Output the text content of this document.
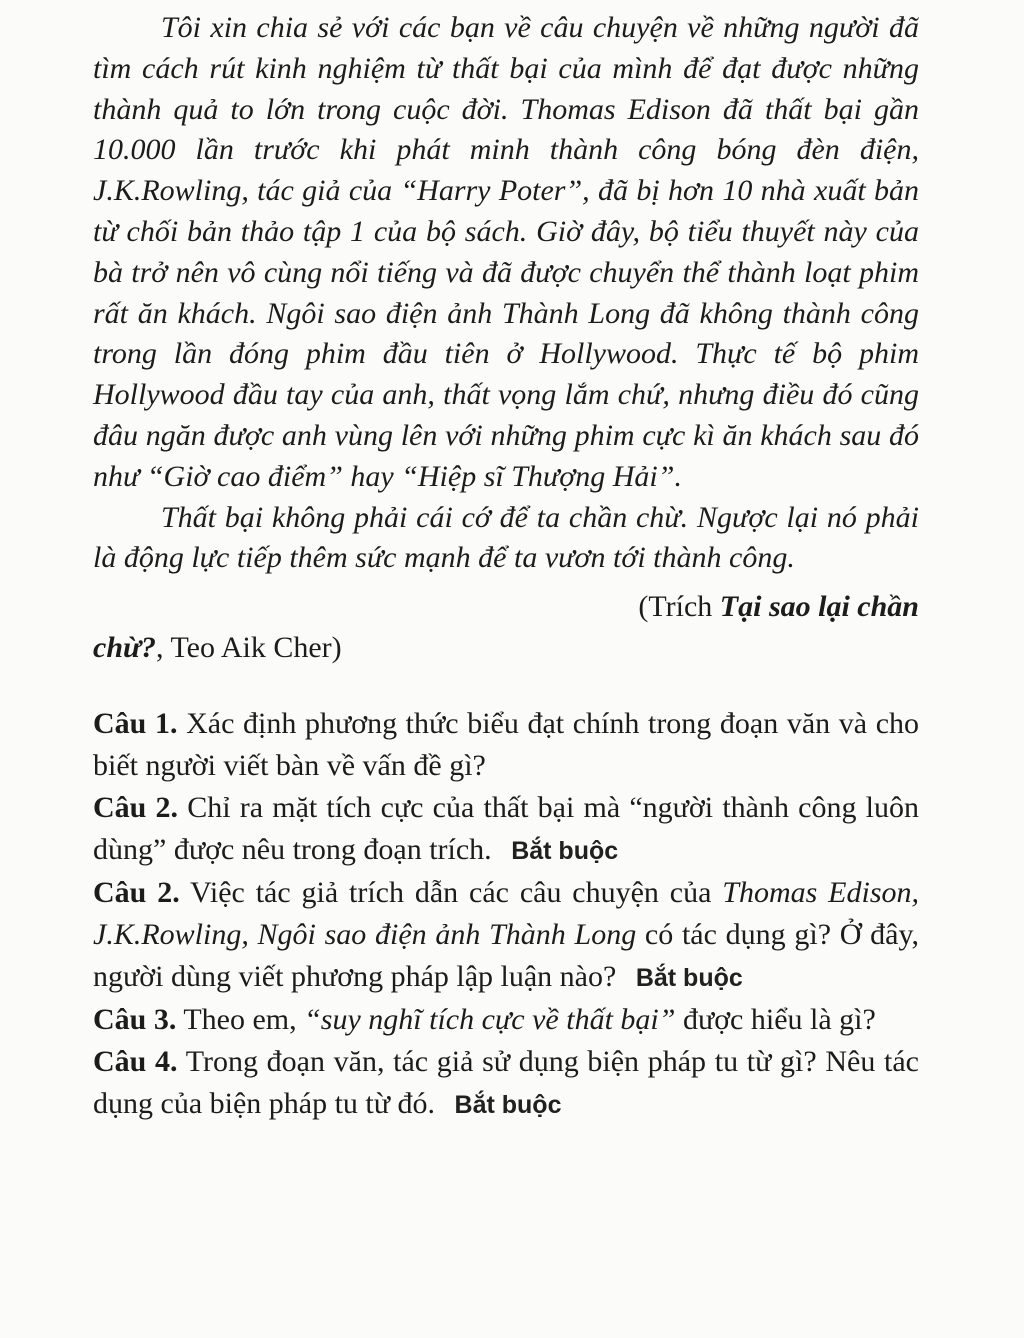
Tôi xin chia sẻ với các bạn về câu chuyện về những người đã tìm cách rút kinh nghiệm từ thất bại của mình để đạt được những thành quả to lớn trong cuộc đời. Thomas Edison đã thất bại gần 10.000 lần trước khi phát minh thành công bóng đèn điện, J.K.Rowling, tác giả của “Harry Poter”, đã bị hơn 10 nhà xuất bản từ chối bản thảo tập 1 của bộ sách. Giờ đây, bộ tiểu thuyết này của bà trở nên vô cùng nổi tiếng và đã được chuyển thể thành loạt phim rất ăn khách. Ngôi sao điện ảnh Thành Long đã không thành công trong lần đóng phim đầu tiên ở Hollywood. Thực tế bộ phim Hollywood đầu tay của anh, thất vọng lắm chứ, nhưng điều đó cũng đâu ngăn được anh vùng lên với những phim cực kì ăn khách sau đó như “Giờ cao điểm” hay “Hiệp sĩ Thượng Hải”.

Thất bại không phải cái cớ để ta chần chừ. Ngược lại nó phải là động lực tiếp thêm sức mạnh để ta vươn tới thành công.

(Trích Tại sao lại chần
chừ?, Teo Aik Cher)

Câu 1. Xác định phương thức biểu đạt chính trong đoạn văn và cho biết người viết bàn về vấn đề gì?

Câu 2. Chỉ ra mặt tích cực của thất bại mà “người thành công luôn dùng” được nêu trong đoạn trích. Bắt buộc

Câu 2. Việc tác giả trích dẫn các câu chuyện của Thomas Edison, J.K.Rowling, Ngôi sao điện ảnh Thành Long có tác dụng gì? Ở đây, người dùng viết phương pháp lập luận nào? Bắt buộc

Câu 3. Theo em, “suy nghĩ tích cực về thất bại” được hiểu là gì?

Câu 4. Trong đoạn văn, tác giả sử dụng biện pháp tu từ gì? Nêu tác dụng của biện pháp tu từ đó. Bắt buộc
